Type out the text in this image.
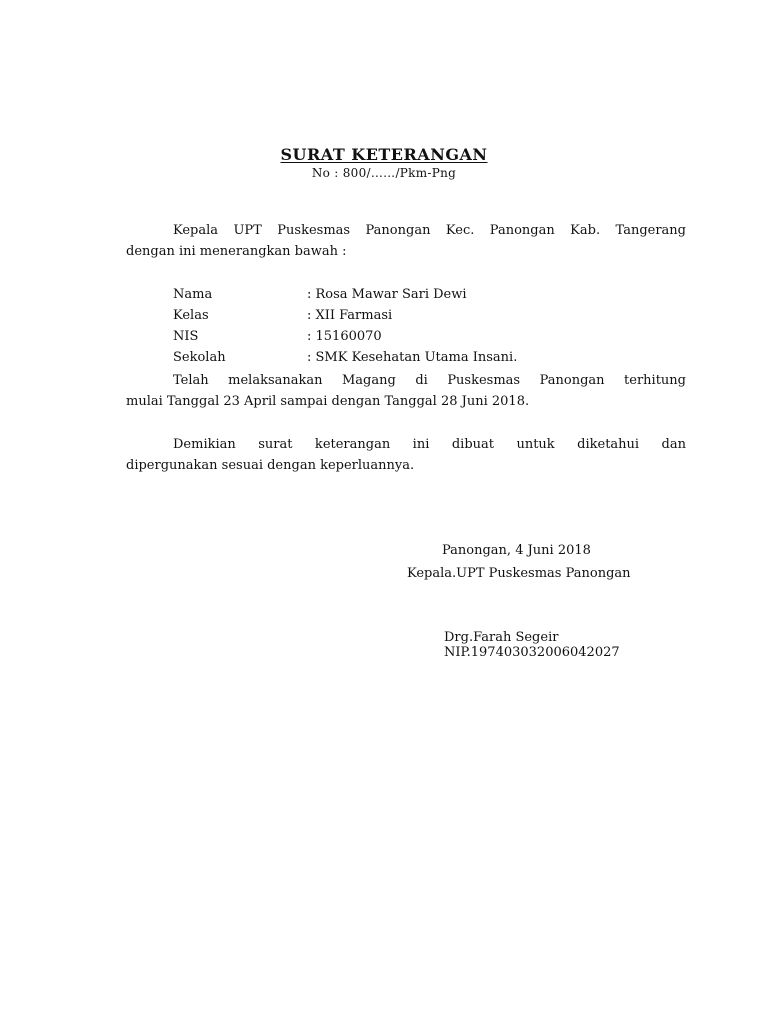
SURAT KETERANGAN
No : 800/……/Pkm-Png
Kepala UPT Puskesmas Panongan Kec. Panongan Kab. Tangerang
dengan ini menerangkan bawah :
Nama	: Rosa Mawar Sari Dewi
Kelas	: XII Farmasi
NIS	: 15160070
Sekolah	: SMK Kesehatan Utama Insani.
Telah melaksanakan Magang di Puskesmas Panongan terhitung
mulai Tanggal 23 April sampai dengan Tanggal 28 Juni 2018.
Demikian surat keterangan ini dibuat untuk diketahui dan
dipergunakan sesuai dengan keperluannya.
Panongan, 4 Juni 2018
Kepala.UPT Puskesmas Panongan
Drg.Farah Segeir
NIP.197403032006042027
